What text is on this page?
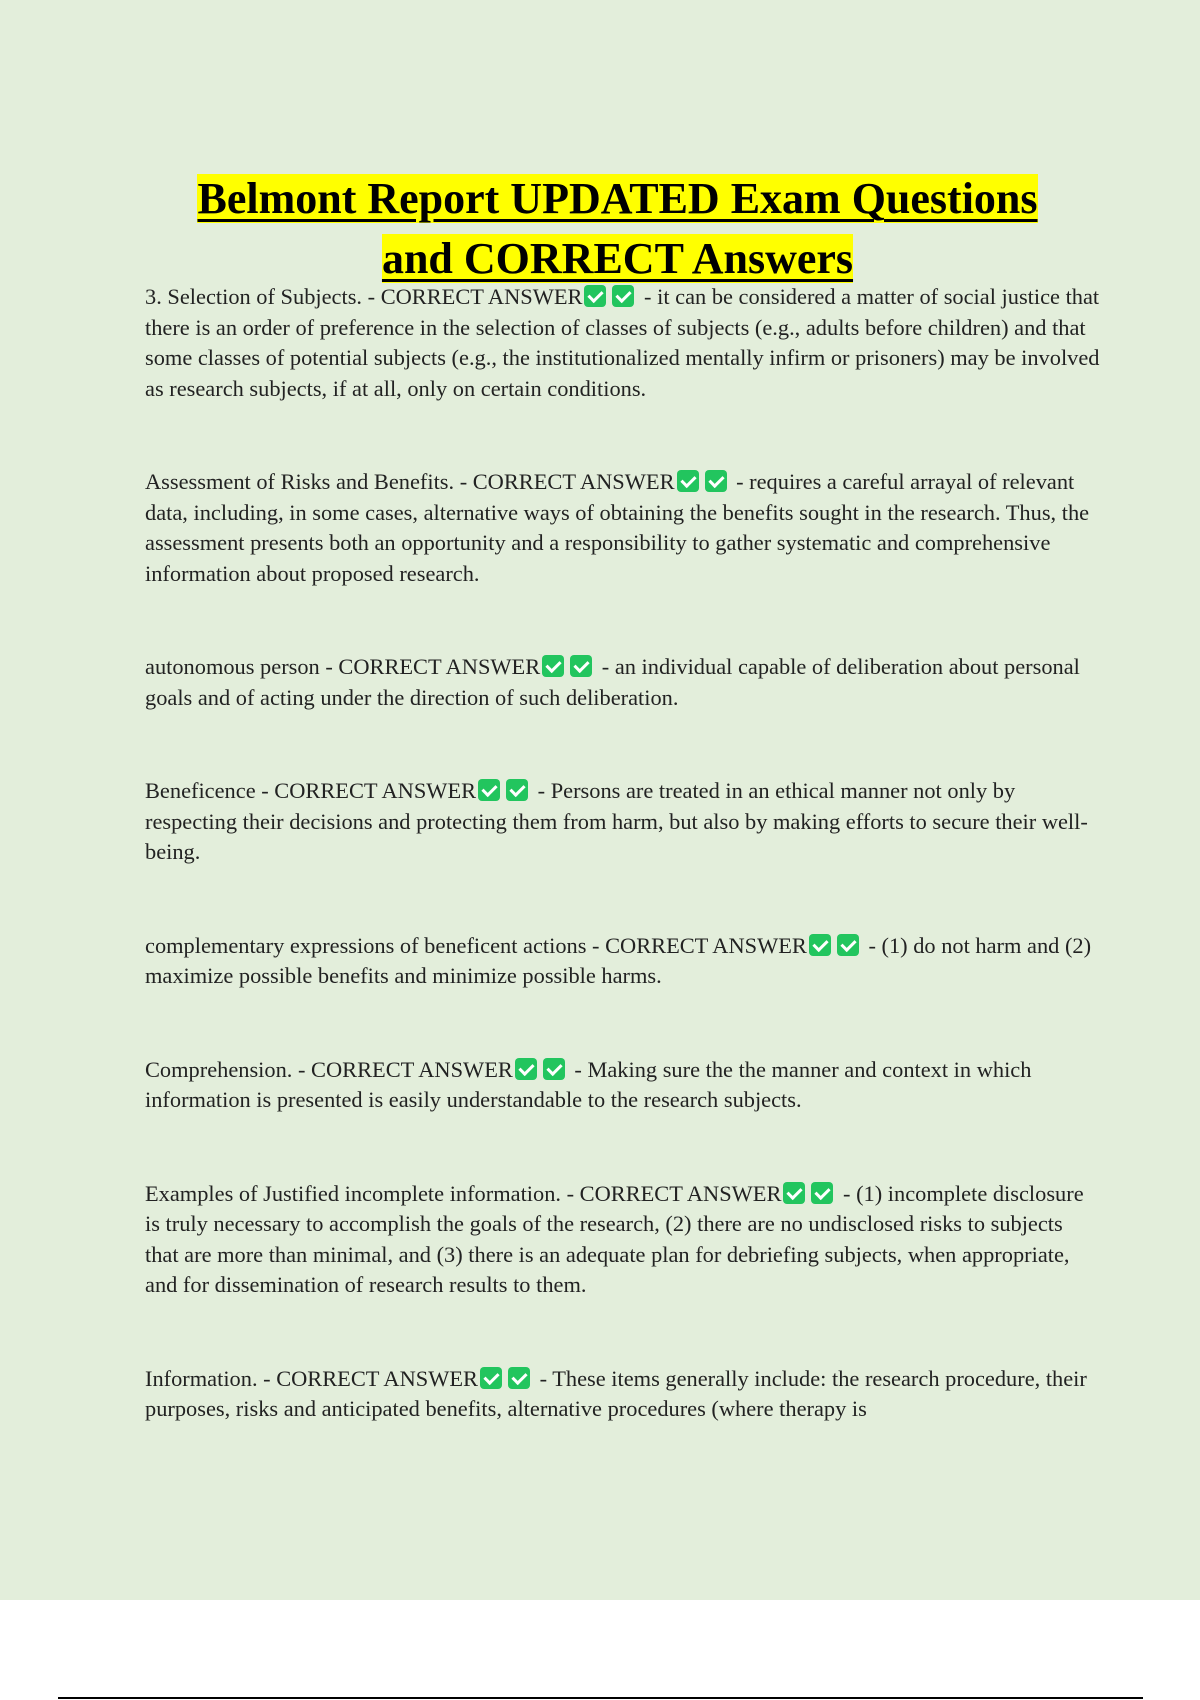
Belmont Report UPDATED Exam Questions
and CORRECT Answers

3. Selection of Subjects. - CORRECT ANSWER	- it can be considered a matter of social justice that there is an order of preference in the selection of classes of subjects (e.g., adults before children) and that some classes of potential subjects (e.g., the institutionalized mentally infirm or prisoners) may be involved as research subjects, if at all, only on certain conditions.

Assessment of Risks and Benefits. - CORRECT ANSWER	- requires a careful arrayal of relevant data, including, in some cases, alternative ways of obtaining the benefits sought in the research. Thus, the assessment presents both an opportunity and a responsibility to gather systematic and comprehensive information about proposed research.

autonomous person - CORRECT ANSWER	- an individual capable of deliberation about personal goals and of acting under the direction of such deliberation.

Beneficence - CORRECT ANSWER	- Persons are treated in an ethical manner not only by respecting their decisions and protecting them from harm, but also by making efforts to secure their well-being.

complementary expressions of beneficent actions - CORRECT ANSWER	- (1) do not harm and (2) maximize possible benefits and minimize possible harms.

Comprehension. - CORRECT ANSWER	- Making sure the the manner and context in which information is presented is easily understandable to the research subjects.

Examples of Justified incomplete information. - CORRECT ANSWER	- (1) incomplete disclosure is truly necessary to accomplish the goals of the research, (2) there are no undisclosed risks to subjects that are more than minimal, and (3) there is an adequate plan for debriefing subjects, when appropriate, and for dissemination of research results to them.

Information. - CORRECT ANSWER	- These items generally include: the research procedure, their purposes, risks and anticipated benefits, alternative procedures (where therapy is
